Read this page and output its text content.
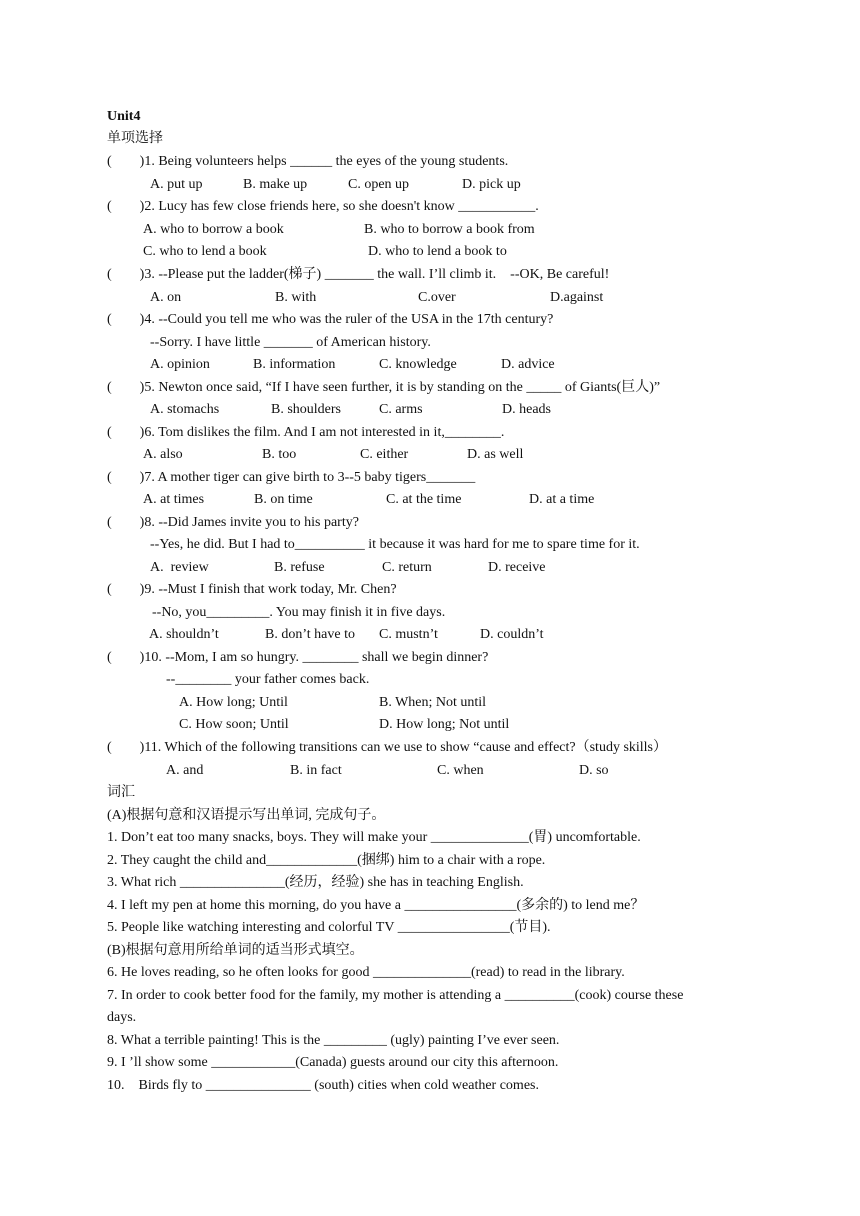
Unit4
单项选择
(        )1. Being volunteers helps ______ the eyes of the young students.
A. put up	B. make up	C. open up	D. pick up
(        )2. Lucy has few close friends here, so she doesn't know ___________.
A. who to borrow a book	B. who to borrow a book from
C. who to lend a book	D. who to lend a book to
(        )3. --Please put the ladder(梯子) _______ the wall. I’ll climb it.    --OK, Be careful!
A. on	B. with	C.over	D.against
(        )4. --Could you tell me who was the ruler of the USA in the 17th century?
--Sorry. I have little _______ of American history.
A. opinion	B. information	C. knowledge	D. advice
(        )5. Newton once said, “If I have seen further, it is by standing on the _____ of Giants(巨人)”
A. stomachs	B. shoulders	C. arms	D. heads
(        )6. Tom dislikes the film. And I am not interested in it,________.
A. also	B. too	C. either	D. as well
(        )7. A mother tiger can give birth to 3--5 baby tigers_______
A. at times	B. on time	C. at the time	D. at a time
(        )8. --Did James invite you to his party?
--Yes, he did. But I had to__________ it because it was hard for me to spare time for it.
A.  review	B. refuse	C. return	D. receive
(        )9. --Must I finish that work today, Mr. Chen?
--No, you_________. You may finish it in five days.
A. shouldn’t	B. don’t have to C. mustn’t	D. couldn’t
(        )10. --Mom, I am so hungry. ________ shall we begin dinner?
--________ your father comes back.
A. How long; Until	B. When; Not until
C. How soon; Until	D. How long; Not until
(        )11. Which of the following transitions can we use to show “cause and effect?（study skills）
A. and	B. in fact	C. when	D. so
词汇
(A)根据句意和汉语提示写出单词, 完成句子。
1. Don’t eat too many snacks, boys. They will make your ______________(胃) uncomfortable.
2. They caught the child and_____________(捆绑) him to a chair with a rope.
3. What rich _______________(经历，经验) she has in teaching English.
4. I left my pen at home this morning, do you have a ________________(多余的) to lend me？
5. People like watching interesting and colorful TV ________________(节目).
(B)根据句意用所给单词的适当形式填空。
6. He loves reading, so he often looks for good ______________(read) to read in the library.
7. In order to cook better food for the family, my mother is attending a __________(cook) course these
days.
8. What a terrible painting! This is the _________ (ugly) painting I’ve ever seen.
9. I ’ll show some ____________(Canada) guests around our city this afternoon.
10.    Birds fly to _______________ (south) cities when cold weather comes.
